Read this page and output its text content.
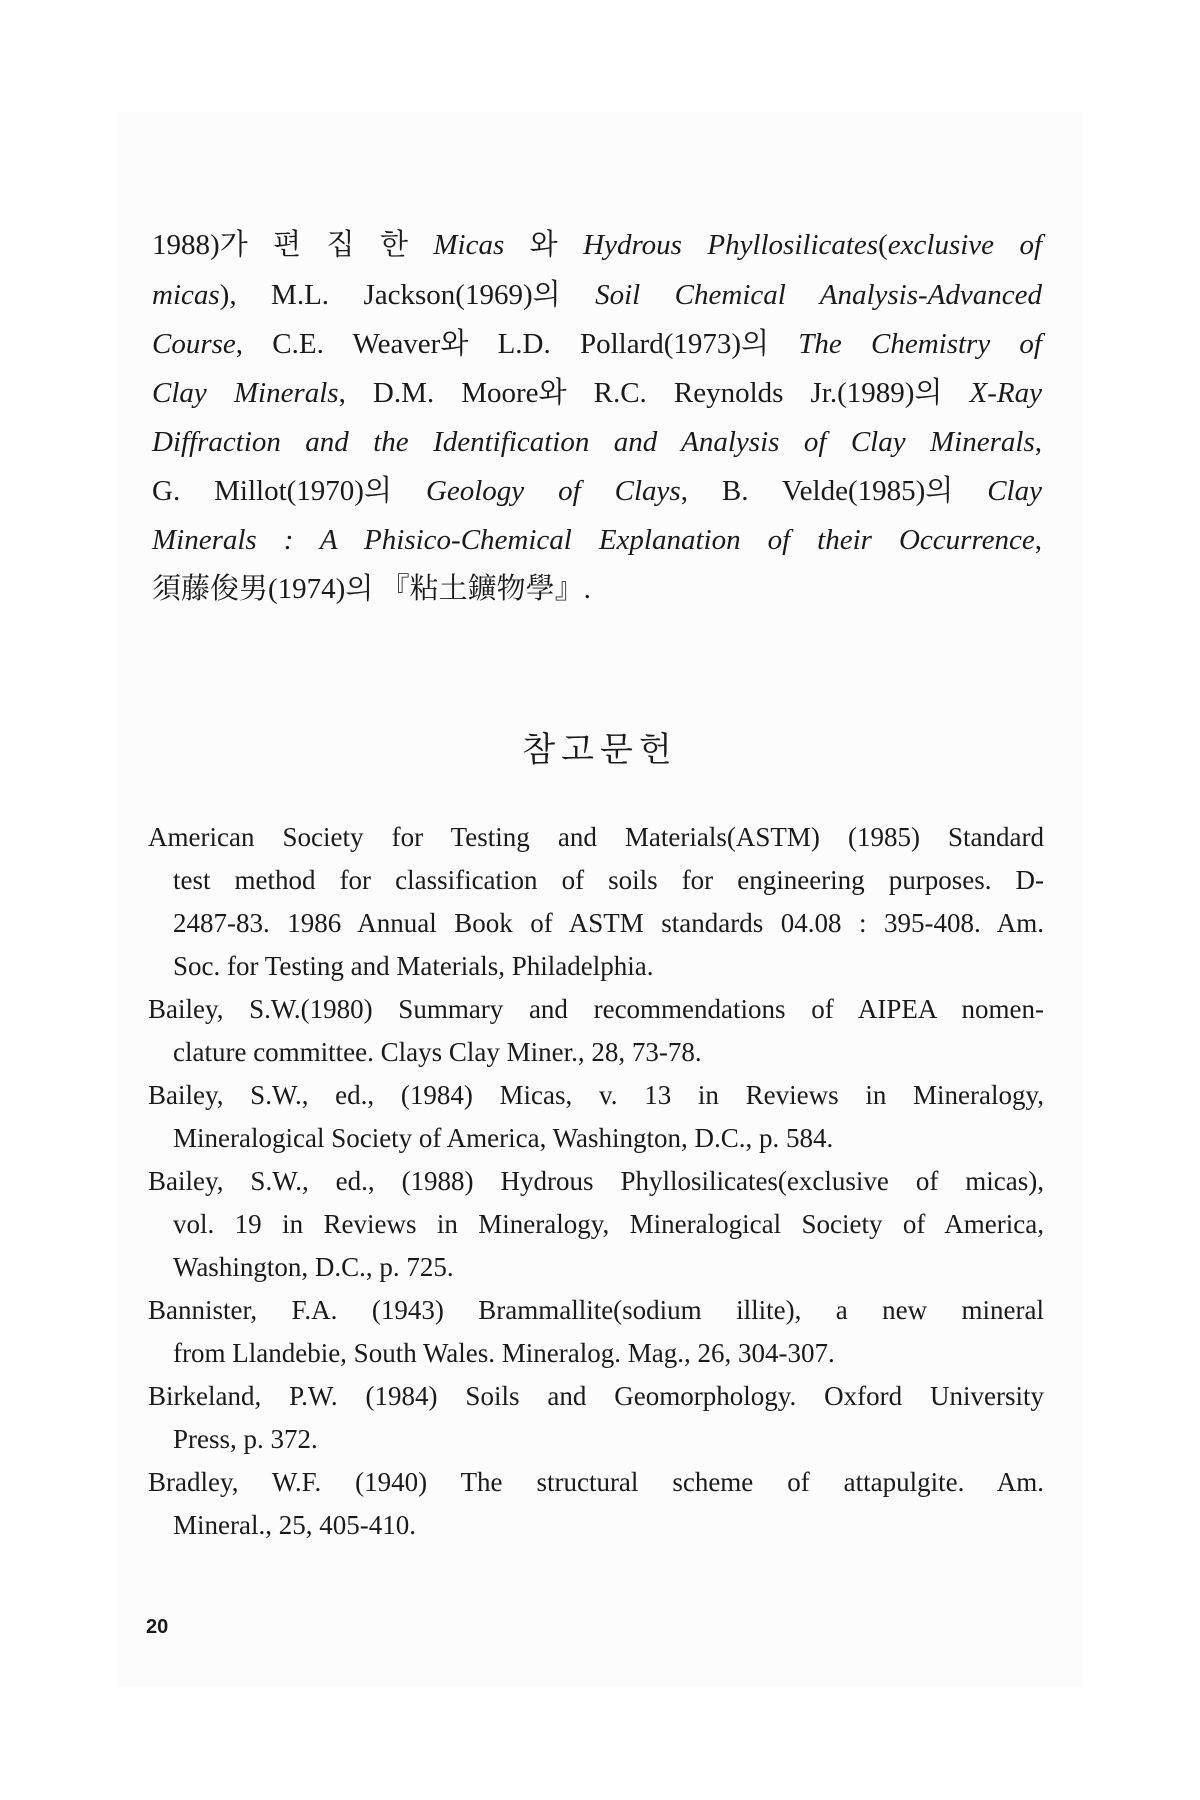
1988)가 편 집 한 Micas 와 Hydrous Phyllosilicates(exclusive of
micas), M.L. Jackson(1969)의 Soil Chemical Analysis-Advanced
Course, C.E. Weaver와 L.D. Pollard(1973)의 The Chemistry of
Clay Minerals, D.M. Moore와 R.C. Reynolds Jr.(1989)의 X-Ray
Diffraction and the Identification and Analysis of Clay Minerals,
G. Millot(1970)의 Geology of Clays, B. Velde(1985)의 Clay
Minerals : A Phisico-Chemical Explanation of their Occurrence,
須藤俊男(1974)의 『粘土鑛物學』.
참고문헌
American Society for Testing and Materials(ASTM) (1985) Standard
test method for classification of soils for engineering purposes. D-
2487-83. 1986 Annual Book of ASTM standards 04.08 : 395-408. Am.
Soc. for Testing and Materials, Philadelphia.
Bailey, S.W.(1980) Summary and recommendations of AIPEA nomen-
clature committee. Clays Clay Miner., 28, 73-78.
Bailey, S.W., ed., (1984) Micas, v. 13 in Reviews in Mineralogy,
Mineralogical Society of America, Washington, D.C., p. 584.
Bailey, S.W., ed., (1988) Hydrous Phyllosilicates(exclusive of micas),
vol. 19 in Reviews in Mineralogy, Mineralogical Society of America,
Washington, D.C., p. 725.
Bannister, F.A. (1943) Brammallite(sodium illite), a new mineral
from Llandebie, South Wales. Mineralog. Mag., 26, 304-307.
Birkeland, P.W. (1984) Soils and Geomorphology. Oxford University
Press, p. 372.
Bradley, W.F. (1940) The structural scheme of attapulgite. Am.
Mineral., 25, 405-410.
20
